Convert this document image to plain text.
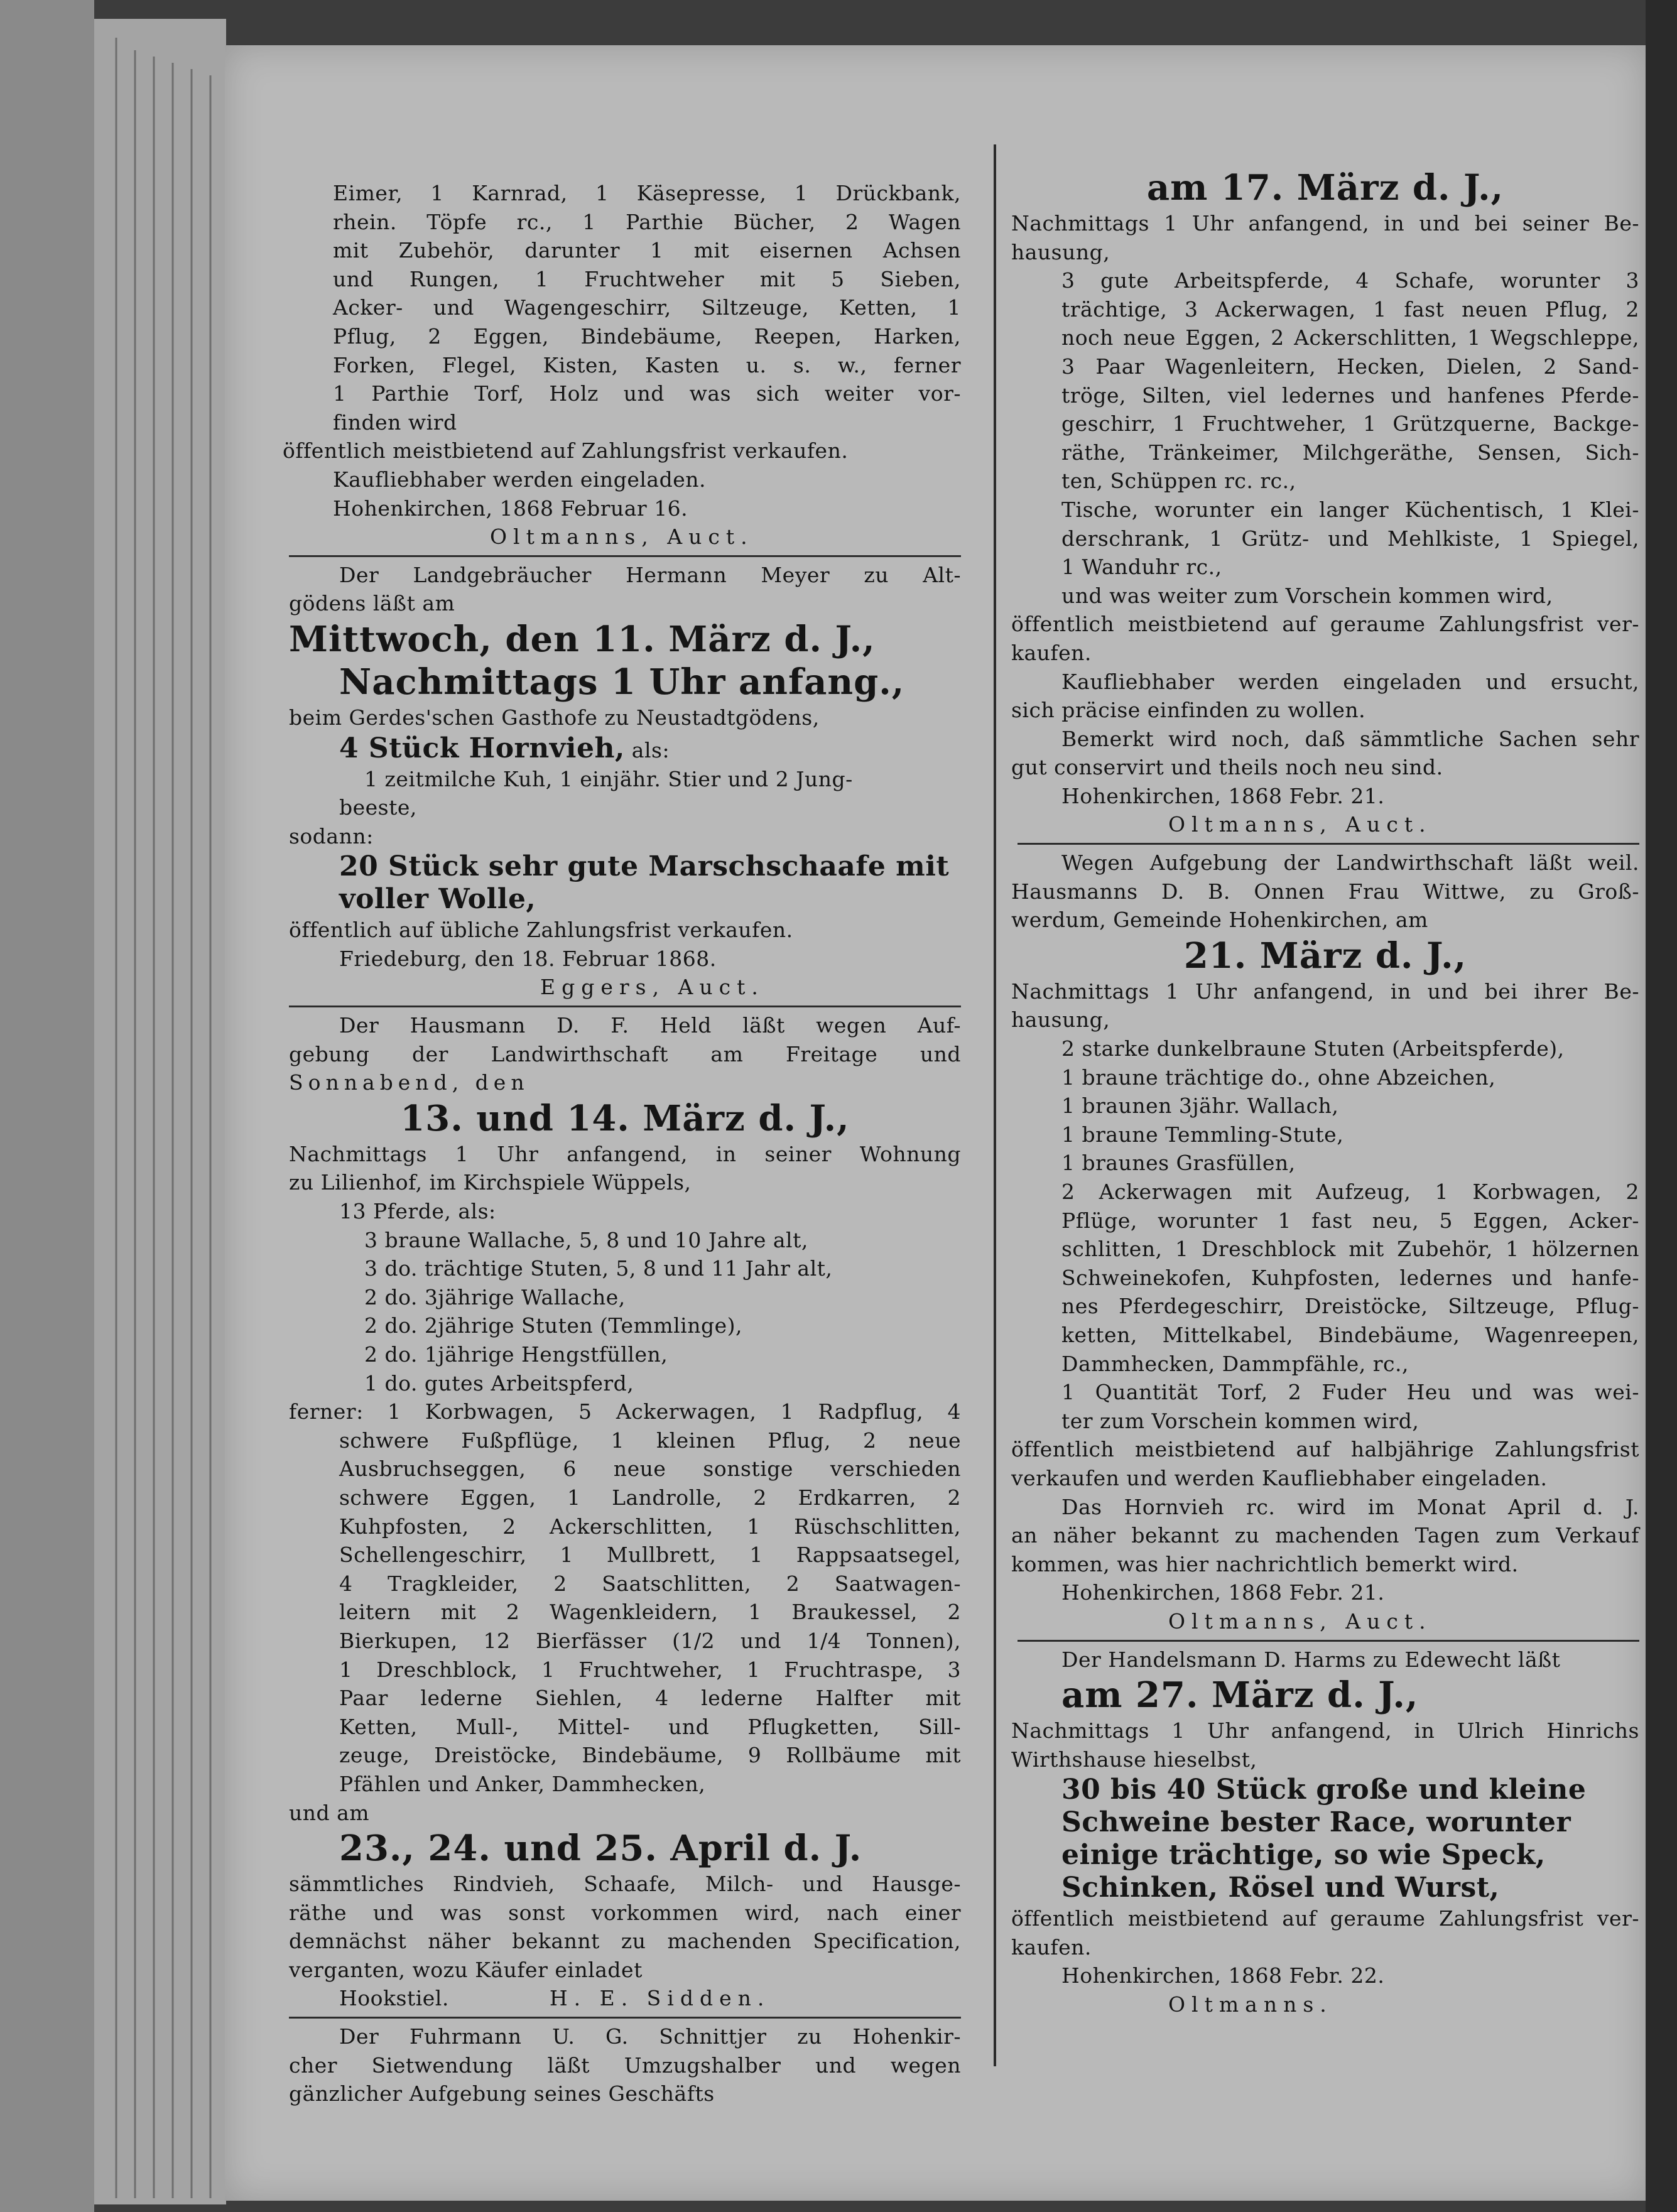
Eimer, 1 Karnrad, 1 Käsepresse, 1 Drückbank,
rhein. Töpfe rc., 1 Parthie Bücher, 2 Wagen
mit Zubehör, darunter 1 mit eisernen Achsen
und Rungen, 1 Fruchtweher mit 5 Sieben,
Acker- und Wagengeschirr, Siltzeuge, Ketten, 1
Pflug, 2 Eggen, Bindebäume, Reepen, Harken,
Forken, Flegel, Kisten, Kasten u. s. w., ferner
1 Parthie Torf, Holz und was sich weiter vor-
finden wird
öffentlich meistbietend auf Zahlungsfrist verkaufen.
Kaufliebhaber werden eingeladen.
Hohenkirchen, 1868 Februar 16.
Oltmanns, Auct.
Der Landgebräucher Hermann Meyer zu Alt-
gödens läßt am
Mittwoch, den 11. März d. J.,
Nachmittags 1 Uhr anfang.,
beim Gerdes'schen Gasthofe zu Neustadtgödens,
4 Stück Hornvieh, als:
1 zeitmilche Kuh, 1 einjähr. Stier und 2 Jung-
beeste,
sodann:
20 Stück sehr gute Marschschaafe mit
voller Wolle,
öffentlich auf übliche Zahlungsfrist verkaufen.
Friedeburg, den 18. Februar 1868.
Eggers, Auct.
Der Hausmann D. F. Held läßt wegen Auf-
gebung der Landwirthschaft am Freitage und
Sonnabend, den
13. und 14. März d. J.,
Nachmittags 1 Uhr anfangend, in seiner Wohnung
zu Lilienhof, im Kirchspiele Wüppels,
13 Pferde, als:
3 braune Wallache, 5, 8 und 10 Jahre alt,
3 do. trächtige Stuten, 5, 8 und 11 Jahr alt,
2 do. 3jährige Wallache,
2 do. 2jährige Stuten (Temmlinge),
2 do. 1jährige Hengstfüllen,
1 do. gutes Arbeitspferd,
ferner: 1 Korbwagen, 5 Ackerwagen, 1 Radpflug, 4
schwere Fußpflüge, 1 kleinen Pflug, 2 neue
Ausbruchseggen, 6 neue sonstige verschieden
schwere Eggen, 1 Landrolle, 2 Erdkarren, 2
Kuhpfosten, 2 Ackerschlitten, 1 Rüschschlitten,
Schellengeschirr, 1 Mullbrett, 1 Rappsaatsegel,
4 Tragkleider, 2 Saatschlitten, 2 Saatwagen-
leitern mit 2 Wagenkleidern, 1 Braukessel, 2
Bierkupen, 12 Bierfässer (1/2 und 1/4 Tonnen),
1 Dreschblock, 1 Fruchtweher, 1 Fruchtraspe, 3
Paar lederne Siehlen, 4 lederne Halfter mit
Ketten, Mull-, Mittel- und Pflugketten, Sill-
zeuge, Dreistöcke, Bindebäume, 9 Rollbäume mit
Pfählen und Anker, Dammhecken,
und am
23., 24. und 25. April d. J.
sämmtliches Rindvieh, Schaafe, Milch- und Hausge-
räthe und was sonst vorkommen wird, nach einer
demnächst näher bekannt zu machenden Specification,
verganten, wozu Käufer einladet
Hookstiel.	H. E. Sidden.
Der Fuhrmann U. G. Schnittjer zu Hohenkir-
cher Sietwendung läßt Umzugshalber und wegen
gänzlicher Aufgebung seines Geschäfts
am 17. März d. J.,
Nachmittags 1 Uhr anfangend, in und bei seiner Be-
hausung,
3 gute Arbeitspferde, 4 Schafe, worunter 3
trächtige, 3 Ackerwagen, 1 fast neuen Pflug, 2
noch neue Eggen, 2 Ackerschlitten, 1 Wegschleppe,
3 Paar Wagenleitern, Hecken, Dielen, 2 Sand-
tröge, Silten, viel ledernes und hanfenes Pferde-
geschirr, 1 Fruchtweher, 1 Grützquerne, Backge-
räthe, Tränkeimer, Milchgeräthe, Sensen, Sich-
ten, Schüppen rc. rc.,
Tische, worunter ein langer Küchentisch, 1 Klei-
derschrank, 1 Grütz- und Mehlkiste, 1 Spiegel,
1 Wanduhr rc.,
und was weiter zum Vorschein kommen wird,
öffentlich meistbietend auf geraume Zahlungsfrist ver-
kaufen.
Kaufliebhaber werden eingeladen und ersucht,
sich präcise einfinden zu wollen.
Bemerkt wird noch, daß sämmtliche Sachen sehr
gut conservirt und theils noch neu sind.
Hohenkirchen, 1868 Febr. 21.
Oltmanns, Auct.
Wegen Aufgebung der Landwirthschaft läßt weil.
Hausmanns D. B. Onnen Frau Wittwe, zu Groß-
werdum, Gemeinde Hohenkirchen, am
21. März d. J.,
Nachmittags 1 Uhr anfangend, in und bei ihrer Be-
hausung,
2 starke dunkelbraune Stuten (Arbeitspferde),
1 braune trächtige do., ohne Abzeichen,
1 braunen 3jähr. Wallach,
1 braune Temmling-Stute,
1 braunes Grasfüllen,
2 Ackerwagen mit Aufzeug, 1 Korbwagen, 2
Pflüge, worunter 1 fast neu, 5 Eggen, Acker-
schlitten, 1 Dreschblock mit Zubehör, 1 hölzernen
Schweinekofen, Kuhpfosten, ledernes und hanfe-
nes Pferdegeschirr, Dreistöcke, Siltzeuge, Pflug-
ketten, Mittelkabel, Bindebäume, Wagenreepen,
Dammhecken, Dammpfähle, rc.,
1 Quantität Torf, 2 Fuder Heu und was wei-
ter zum Vorschein kommen wird,
öffentlich meistbietend auf halbjährige Zahlungsfrist
verkaufen und werden Kaufliebhaber eingeladen.
Das Hornvieh rc. wird im Monat April d. J.
an näher bekannt zu machenden Tagen zum Verkauf
kommen, was hier nachrichtlich bemerkt wird.
Hohenkirchen, 1868 Febr. 21.
Oltmanns, Auct.
Der Handelsmann D. Harms zu Edewecht läßt
am 27. März d. J.,
Nachmittags 1 Uhr anfangend, in Ulrich Hinrichs
Wirthshause hieselbst,
30 bis 40 Stück große und kleine
Schweine bester Race, worunter
einige trächtige, so wie Speck,
Schinken, Rösel und Wurst,
öffentlich meistbietend auf geraume Zahlungsfrist ver-
kaufen.
Hohenkirchen, 1868 Febr. 22.
Oltmanns.
